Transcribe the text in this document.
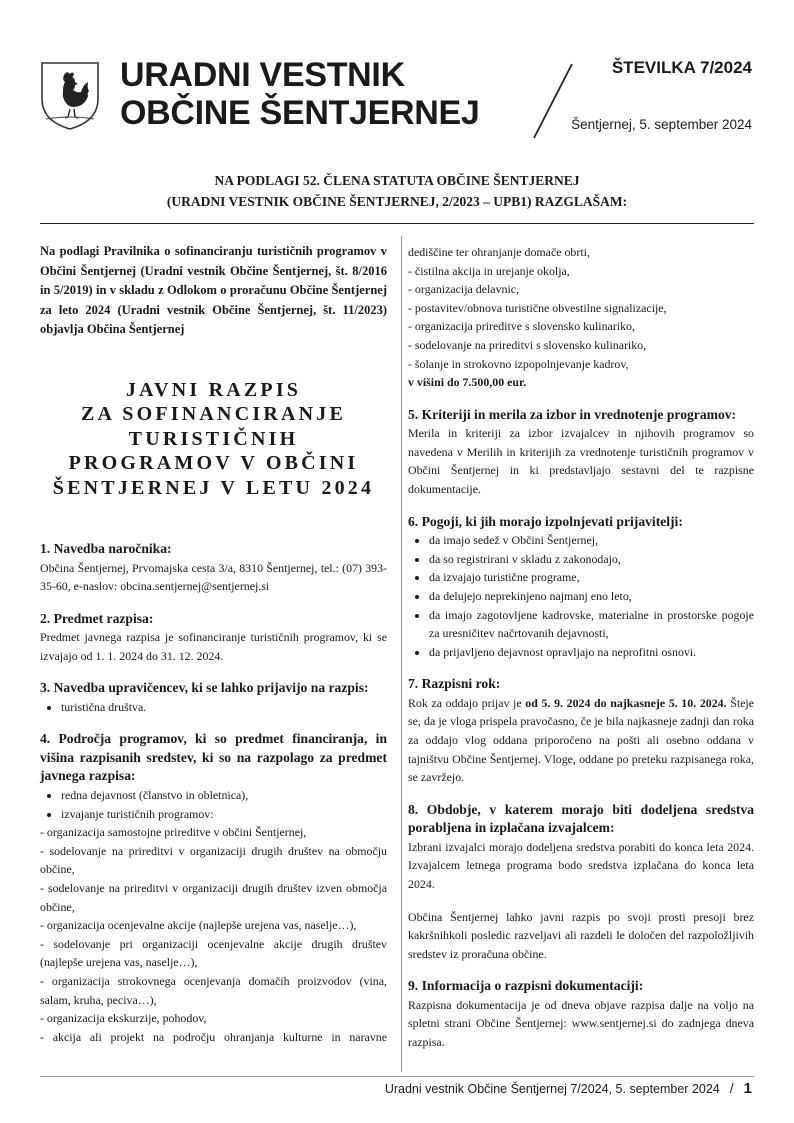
URADNI VESTNIK
OBČINE ŠENTJERNEJ
ŠTEVILKA 7/2024
Šentjernej, 5. september 2024
NA PODLAGI 52. ČLENA STATUTA OBČINE ŠENTJERNEJ
(URADNI VESTNIK OBČINE ŠENTJERNEJ, 2/2023 – UPB1) RAZGLAŠAM:

Na podlagi Pravilnika o sofinanciranju turističnih programov v Občini Šentjernej (Uradni vestnik Občine Šentjernej, št. 8/2016 in 5/2019) in v skladu z Odlokom o proračunu Občine Šentjernej za leto 2024 (Uradni vestnik Občine Šentjernej, št. 11/2023) objavlja Občina Šentjernej

JAVNI RAZPIS
ZA SOFINANCIRANJE
TURISTIČNIH
PROGRAMOV V OBČINI
ŠENTJERNEJ V LETU 2024
1. Navedba naročnika:

Občina Šentjernej, Prvomajska cesta 3/a, 8310 Šentjernej, tel.: (07) 393-35-60, e-naslov: obcina.sentjernej@sentjernej.si

2. Predmet razpisa:

Predmet javnega razpisa je sofinanciranje turističnih programov, ki se izvajajo od 1. 1. 2024 do 31. 12. 2024.

3. Navedba upravičencev, ki se lahko prijavijo na razpis:
• turistična društva.
4. Področja programov, ki so predmet financiranja, in višina razpisanih sredstev, ki so na razpolago za predmet javnega razpisa:
• redna dejavnost (članstvo in obletnica),
• izvajanje turističnih programov:

- organizacija samostojne prireditve v občini Šentjernej,

- sodelovanje na prireditvi v organizaciji drugih društev na območju občine,

- sodelovanje na prireditvi v organizaciji drugih društev izven območja občine,

- organizacija ocenjevalne akcije (najlepše urejena vas, naselje…),

- sodelovanje pri organizaciji ocenjevalne akcije drugih društev (najlepše urejena vas, naselje…),

- organizacija strokovnega ocenjevanja domačih proizvodov (vina, salam, kruha, peciva…),

- organizacija ekskurzije, pohodov,

- akcija ali projekt na področju ohranjanja kulturne in naravne

dediščine ter ohranjanje domače obrti,

- čistilna akcija in urejanje okolja,

- organizacija delavnic,

- postavitev/obnova turistične obvestilne signalizacije,

- organizacija prireditve s slovensko kulinariko,

- sodelovanje na prireditvi s slovensko kulinariko,

- šolanje in strokovno izpopolnjevanje kadrov,

v višini do 7.500,00 eur.

5. Kriteriji in merila za izbor in vrednotenje programov:

Merila in kriteriji za izbor izvajalcev in njihovih programov so navedena v Merilih in kriterijih za vrednotenje turističnih programov v Občini Šentjernej in ki predstavljajo sestavni del te razpisne dokumentacije.

6. Pogoji, ki jih morajo izpolnjevati prijavitelji:
• da imajo sedež v Občini Šentjernej,
• da so registrirani v skladu z zakonodajo,
• da izvajajo turistične programe,
• da delujejo neprekinjeno najmanj eno leto,
• da imajo zagotovljene kadrovske, materialne in prostorske pogoje za uresničitev načrtovanih dejavnosti,
• da prijavljeno dejavnost opravljajo na neprofitni osnovi.
7. Razpisni rok:

Rok za oddajo prijav je od 5. 9. 2024 do najkasneje 5. 10. 2024. Šteje se, da je vloga prispela pravočasno, če je bila najkasneje zadnji dan roka za oddajo vlog oddana priporočeno na pošti ali osebno oddana v tajništvu Občine Šentjernej. Vloge, oddane po preteku razpisanega roka, se zavržejo.

8. Obdobje, v katerem morajo biti dodeljena sredstva porabljena in izplačana izvajalcem:

Izbrani izvajalci morajo dodeljena sredstva porabiti do konca leta 2024. Izvajalcem letnega programa bodo sredstva izplačana do konca leta 2024.

Občina Šentjernej lahko javni razpis po svoji prosti presoji brez kakršnihkoli posledic razveljavi ali razdeli le določen del razpoložljivih sredstev iz proračuna občine.

9. Informacija o razpisni dokumentaciji:

Razpisna dokumentacija je od dneva objave razpisa dalje na voljo na spletni strani Občine Šentjernej: www.sentjernej.si do zadnjega dneva razpisa.

Uradni vestnik Občine Šentjernej 7/2024, 5. september 2024 / 1
